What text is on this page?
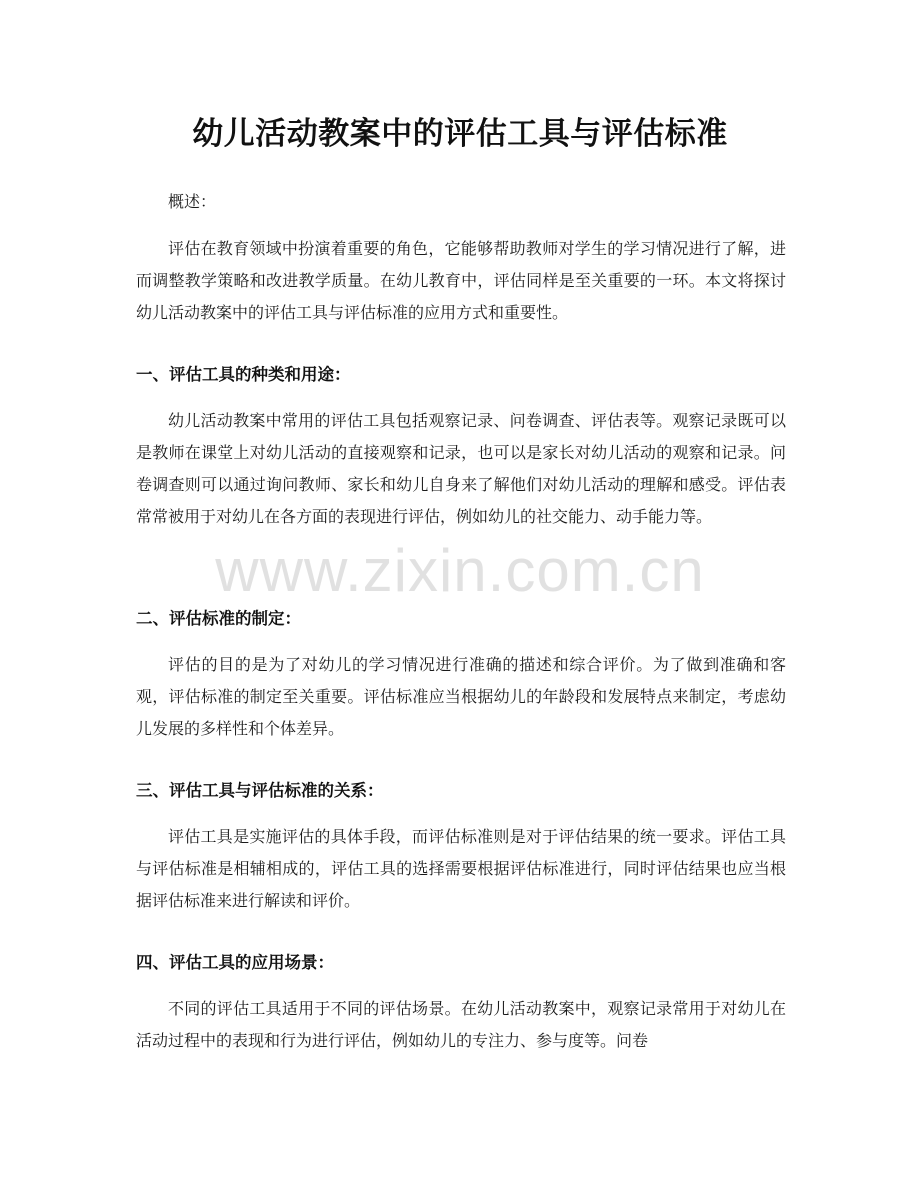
幼儿活动教案中的评估工具与评估标准
概述：
评估在教育领域中扮演着重要的角色，它能够帮助教师对学生的学习情况进行了解，进而调整教学策略和改进教学质量。在幼儿教育中，评估同样是至关重要的一环。本文将探讨幼儿活动教案中的评估工具与评估标准的应用方式和重要性。
一、评估工具的种类和用途：
幼儿活动教案中常用的评估工具包括观察记录、问卷调查、评估表等。观察记录既可以是教师在课堂上对幼儿活动的直接观察和记录，也可以是家长对幼儿活动的观察和记录。问卷调查则可以通过询问教师、家长和幼儿自身来了解他们对幼儿活动的理解和感受。评估表常常被用于对幼儿在各方面的表现进行评估，例如幼儿的社交能力、动手能力等。
二、评估标准的制定：
评估的目的是为了对幼儿的学习情况进行准确的描述和综合评价。为了做到准确和客观，评估标准的制定至关重要。评估标准应当根据幼儿的年龄段和发展特点来制定，考虑幼儿发展的多样性和个体差异。
三、评估工具与评估标准的关系：
评估工具是实施评估的具体手段，而评估标准则是对于评估结果的统一要求。评估工具与评估标准是相辅相成的，评估工具的选择需要根据评估标准进行，同时评估结果也应当根据评估标准来进行解读和评价。
四、评估工具的应用场景：
不同的评估工具适用于不同的评估场景。在幼儿活动教案中，观察记录常用于对幼儿在活动过程中的表现和行为进行评估，例如幼儿的专注力、参与度等。问卷
www.zixin.com.cn
